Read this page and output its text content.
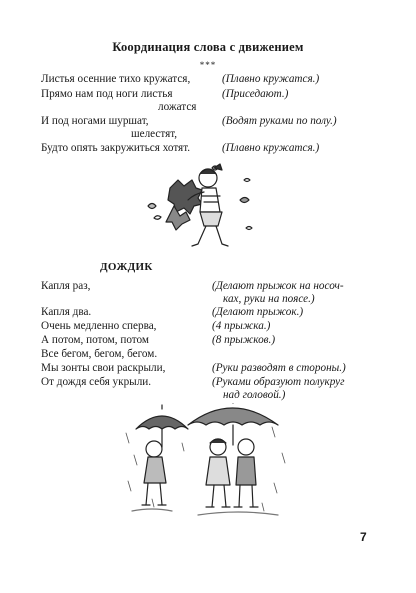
Координация слова с движением
***
Листья осенние тихо кружатся,	(Плавно кружатся.)
Прямо нам под ноги листья	(Приседают.)
ложатся
И под ногами шуршат,	(Водят руками по полу.)
шелестят,
Будто опять закружиться хотят.	(Плавно кружатся.)
ДОЖДИК
Капля раз,	(Делают прыжок на носоч-
ках, руки на поясе.)
Капля два.	(Делают прыжок.)
Очень медленно сперва,	(4 прыжка.)
А потом, потом, потом	(8 прыжков.)
Все бегом, бегом, бегом.
Мы зонты свои раскрыли,	(Руки разводят в стороны.)
От дождя себя укрыли.	(Руками образуют полукруг
над головой.)
7
